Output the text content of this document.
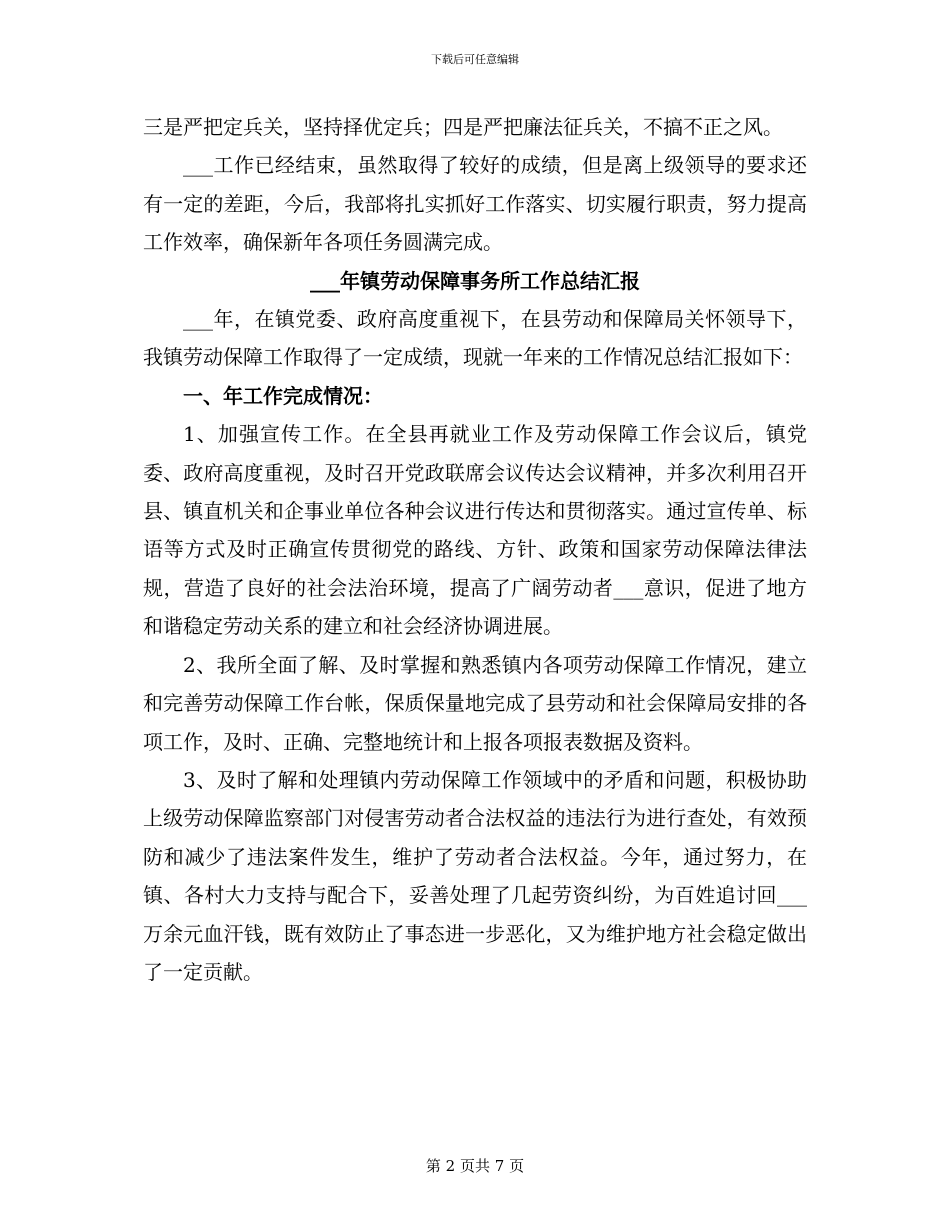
下载后可任意编辑

三是严把定兵关，坚持择优定兵；四是严把廉法征兵关，不搞不正之风。

___工作已经结束，虽然取得了较好的成绩，但是离上级领导的要求还有一定的差距，今后，我部将扎实抓好工作落实、切实履行职责，努力提高工作效率，确保新年各项任务圆满完成。

___年镇劳动保障事务所工作总结汇报

___年，在镇党委、政府高度重视下，在县劳动和保障局关怀领导下，我镇劳动保障工作取得了一定成绩，现就一年来的工作情况总结汇报如下：

一、年工作完成情况：

1、加强宣传工作。在全县再就业工作及劳动保障工作会议后，镇党委、政府高度重视，及时召开党政联席会议传达会议精神，并多次利用召开县、镇直机关和企事业单位各种会议进行传达和贯彻落实。通过宣传单、标语等方式及时正确宣传贯彻党的路线、方针、政策和国家劳动保障法律法规，营造了良好的社会法治环境，提高了广阔劳动者___意识，促进了地方和谐稳定劳动关系的建立和社会经济协调进展。

2、我所全面了解、及时掌握和熟悉镇内各项劳动保障工作情况，建立和完善劳动保障工作台帐，保质保量地完成了县劳动和社会保障局安排的各项工作，及时、正确、完整地统计和上报各项报表数据及资料。

3、及时了解和处理镇内劳动保障工作领域中的矛盾和问题，积极协助上级劳动保障监察部门对侵害劳动者合法权益的违法行为进行查处，有效预防和减少了违法案件发生，维护了劳动者合法权益。今年，通过努力，在镇、各村大力支持与配合下，妥善处理了几起劳资纠纷，为百姓追讨回___万余元血汗钱，既有效防止了事态进一步恶化，又为维护地方社会稳定做出了一定贡献。

第 2 页共 7 页
